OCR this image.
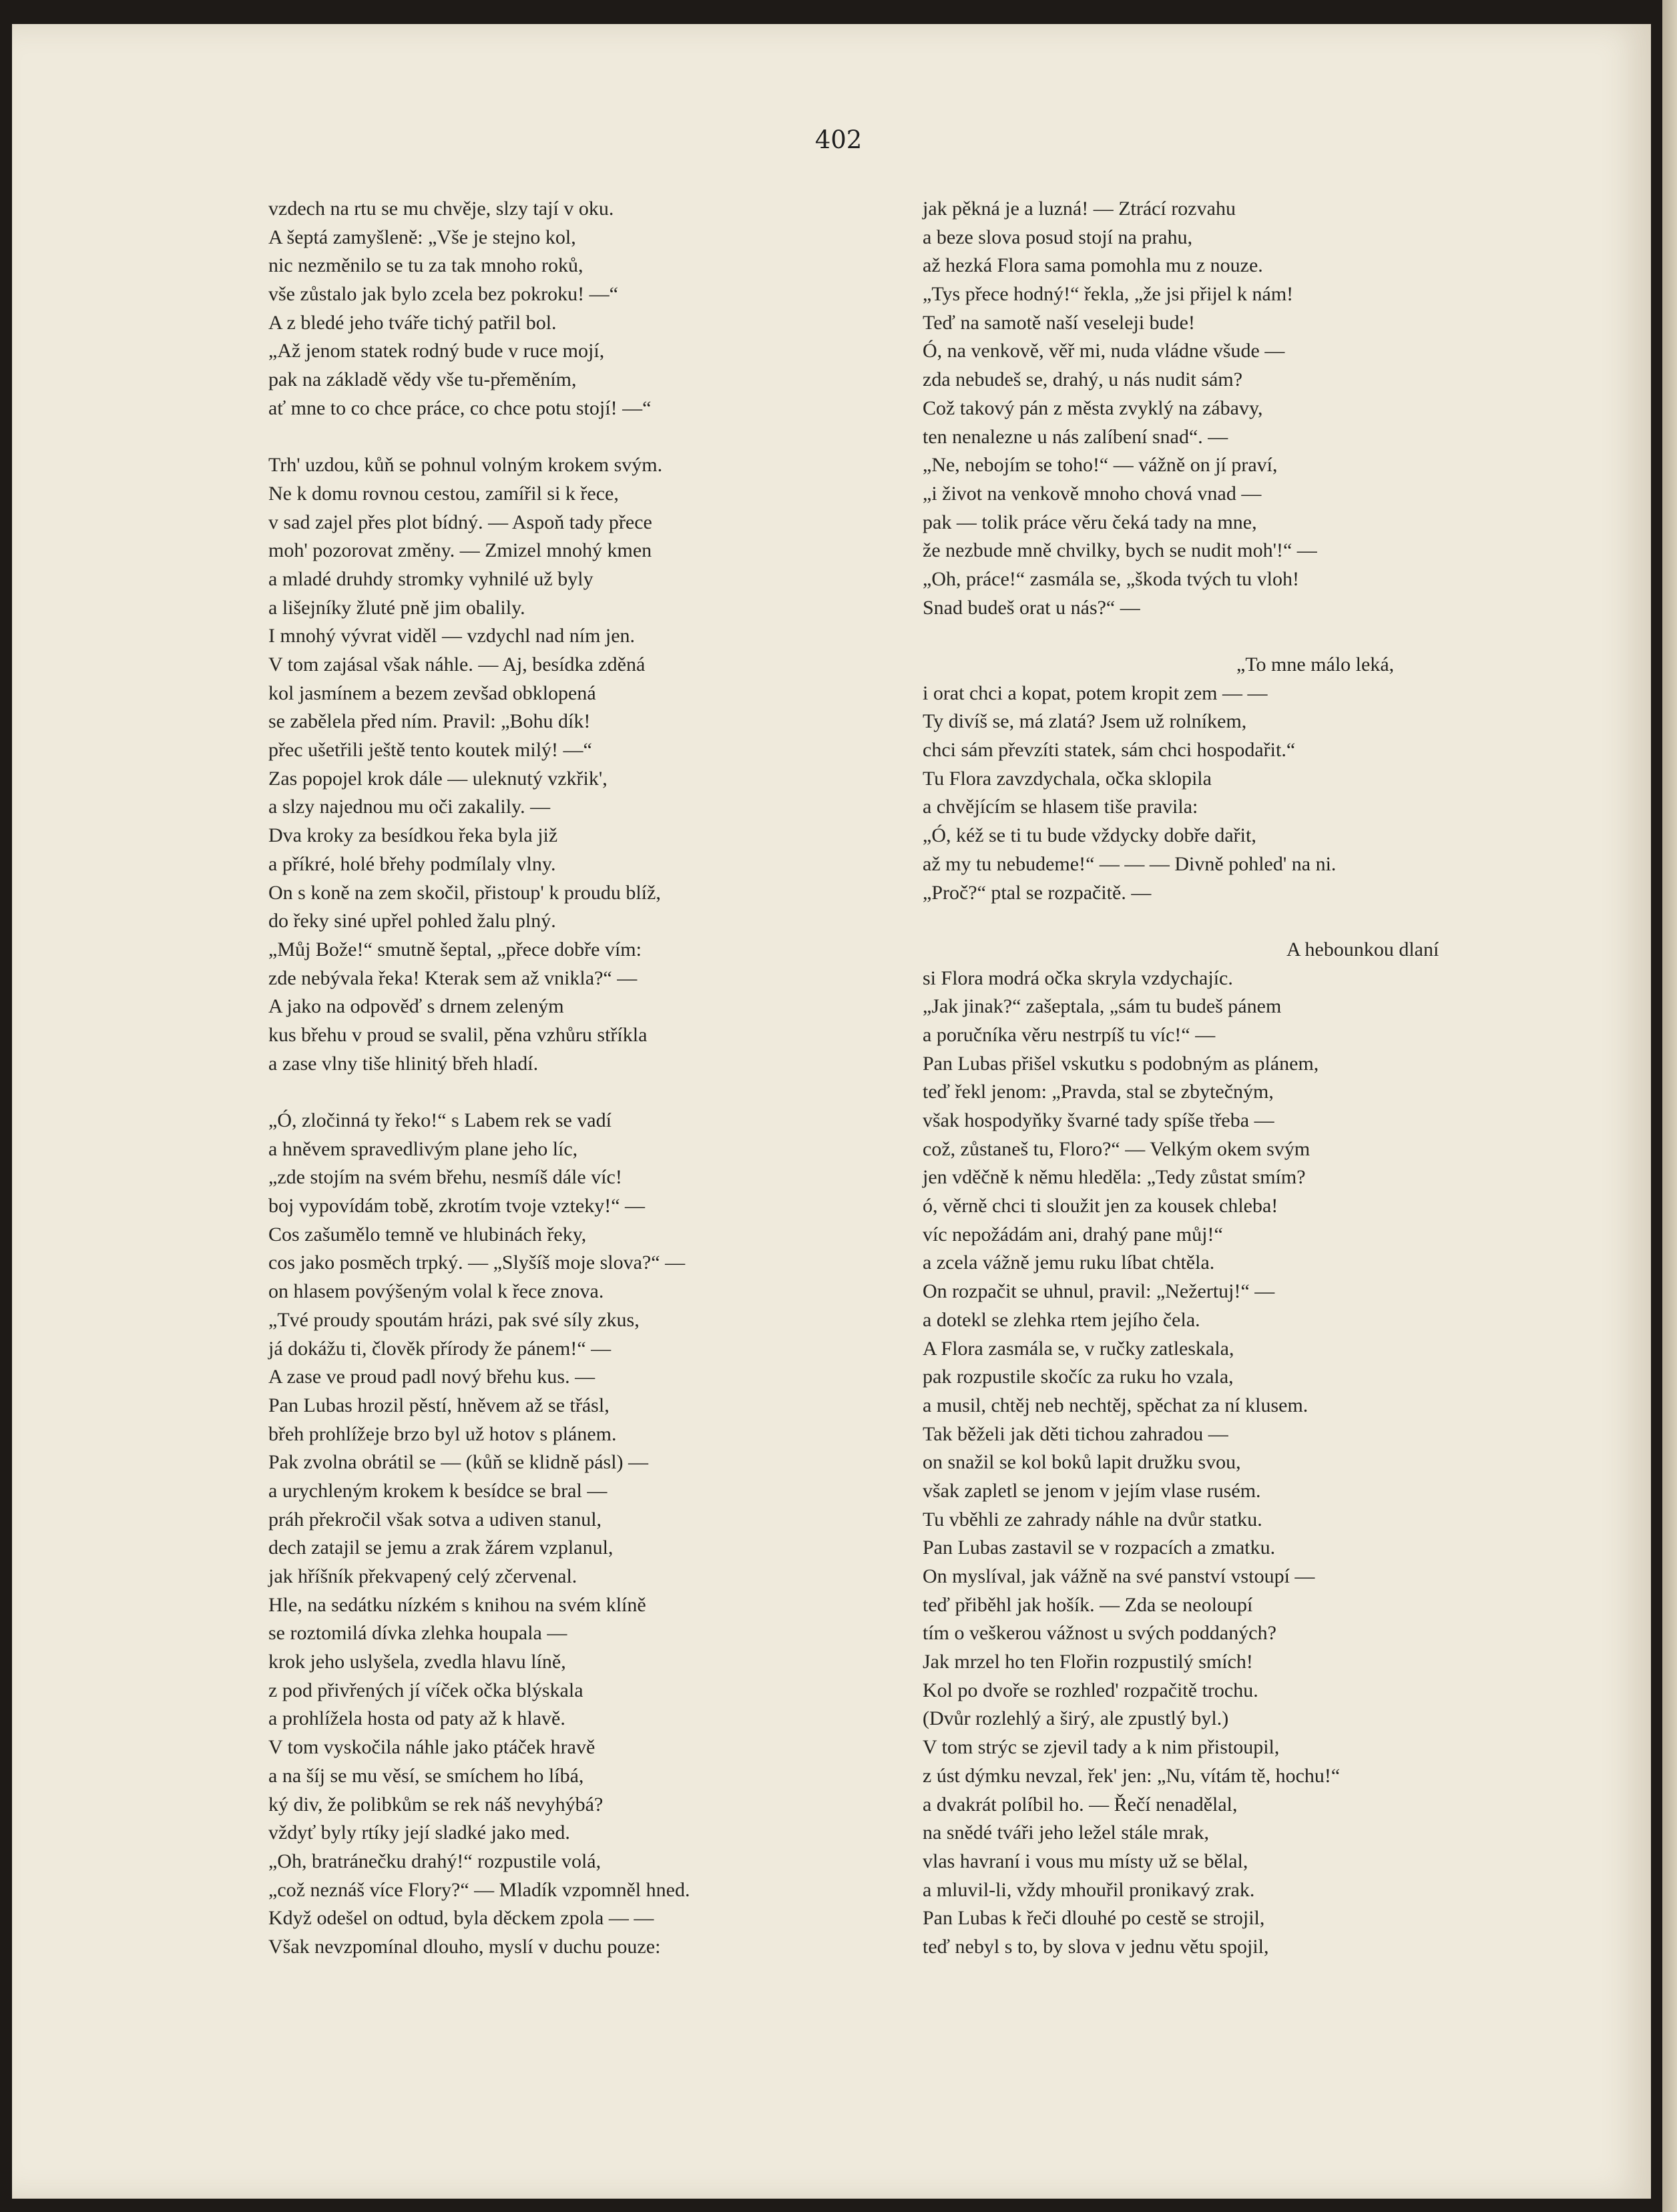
402
vzdech na rtu se mu chvěje, slzy tají v oku.
A šeptá zamyšleně: „Vše je stejno kol,
nic nezměnilo se tu za tak mnoho roků,
vše zůstalo jak bylo zcela bez pokroku! —“
A z bledé jeho tváře tichý patřil bol.
„Až jenom statek rodný bude v ruce mojí,
pak na základě vědy vše tu-přeměním,
ať mne to co chce práce, co chce potu stojí! —“
Trh' uzdou, kůň se pohnul volným krokem svým.
Ne k domu rovnou cestou, zamířil si k řece,
v sad zajel přes plot bídný. — Aspoň tady přece
moh' pozorovat změny. — Zmizel mnohý kmen
a mladé druhdy stromky vyhnilé už byly
a lišejníky žluté pně jim obalily.
I mnohý vývrat viděl — vzdychl nad ním jen.
V tom zajásal však náhle. — Aj, besídka zděná
kol jasmínem a bezem zevšad obklopená
se zabělela před ním. Pravil: „Bohu dík!
přec ušetřili ještě tento koutek milý! —“
Zas popojel krok dále — uleknutý vzkřik',
a slzy najednou mu oči zakalily. —
Dva kroky za besídkou řeka byla již
a příkré, holé břehy podmílaly vlny.
On s koně na zem skočil, přistoup' k proudu blíž,
do řeky siné upřel pohled žalu plný.
„Můj Bože!“ smutně šeptal, „přece dobře vím:
zde nebývala řeka! Kterak sem až vnikla?“ —
A jako na odpověď s drnem zeleným
kus břehu v proud se svalil, pěna vzhůru stříkla
a zase vlny tiše hlinitý břeh hladí.
„Ó, zločinná ty řeko!“ s Labem rek se vadí
a hněvem spravedlivým plane jeho líc,
„zde stojím na svém břehu, nesmíš dále víc!
boj vypovídám tobě, zkrotím tvoje vzteky!“ —
Cos zašumělo temně ve hlubinách řeky,
cos jako posměch trpký. — „Slyšíš moje slova?“ —
on hlasem povýšeným volal k řece znova.
„Tvé proudy spoutám hrázi, pak své síly zkus,
já dokážu ti, člověk přírody že pánem!“ —
A zase ve proud padl nový břehu kus. —
Pan Lubas hrozil pěstí, hněvem až se třásl,
břeh prohlížeje brzo byl už hotov s plánem.
Pak zvolna obrátil se — (kůň se klidně pásl) —
a urychleným krokem k besídce se bral —
práh překročil však sotva a udiven stanul,
dech zatajil se jemu a zrak žárem vzplanul,
jak hříšník překvapený celý zčervenal.
Hle, na sedátku nízkém s knihou na svém klíně
se roztomilá dívka zlehka houpala —
krok jeho uslyšela, zvedla hlavu líně,
z pod přivřených jí víček očka blýskala
a prohlížela hosta od paty až k hlavě.
V tom vyskočila náhle jako ptáček hravě
a na šíj se mu věsí, se smíchem ho líbá,
ký div, že polibkům se rek náš nevyhýbá?
vždyť byly rtíky její sladké jako med.
„Oh, bratránečku drahý!“ rozpustile volá,
„což neznáš více Flory?“ — Mladík vzpomněl hned.
Když odešel on odtud, byla děckem zpola — —
Však nevzpomínal dlouho, myslí v duchu pouze:
jak pěkná je a luzná! — Ztrácí rozvahu
a beze slova posud stojí na prahu,
až hezká Flora sama pomohla mu z nouze.
„Tys přece hodný!“ řekla, „že jsi přijel k nám!
Teď na samotě naší veseleji bude!
Ó, na venkově, věř mi, nuda vládne všude —
zda nebudeš se, drahý, u nás nudit sám?
Což takový pán z města zvyklý na zábavy,
ten nenalezne u nás zalíbení snad“. —
„Ne, nebojím se toho!“ — vážně on jí praví,
„i život na venkově mnoho chová vnad —
pak — tolik práce věru čeká tady na mne,
že nezbude mně chvilky, bych se nudit moh'!“ —
„Oh, práce!“ zasmála se, „škoda tvých tu vloh!
Snad budeš orat u nás?“ —
„To mne málo leká,
i orat chci a kopat, potem kropit zem — —
Ty divíš se, má zlatá? Jsem už rolníkem,
chci sám převzíti statek, sám chci hospodařit.“
Tu Flora zavzdychala, očka sklopila
a chvějícím se hlasem tiše pravila:
„Ó, kéž se ti tu bude vždycky dobře dařit,
až my tu nebudeme!“ — — — Divně pohled' na ni.
„Proč?“ ptal se rozpačitě. —
A hebounkou dlaní
si Flora modrá očka skryla vzdychajíc.
„Jak jinak?“ zašeptala, „sám tu budeš pánem
a poručníka věru nestrpíš tu víc!“ —
Pan Lubas přišel vskutku s podobným as plánem,
teď řekl jenom: „Pravda, stal se zbytečným,
však hospodyňky švarné tady spíše třeba —
což, zůstaneš tu, Floro?“ — Velkým okem svým
jen vděčně k němu hleděla: „Tedy zůstat smím?
ó, věrně chci ti sloužit jen za kousek chleba!
víc nepožádám ani, drahý pane můj!“
a zcela vážně jemu ruku líbat chtěla.
On rozpačit se uhnul, pravil: „Nežertuj!“ —
a dotekl se zlehka rtem jejího čela.
A Flora zasmála se, v ručky zatleskala,
pak rozpustile skočíc za ruku ho vzala,
a musil, chtěj neb nechtěj, spěchat za ní klusem.
Tak běželi jak děti tichou zahradou —
on snažil se kol boků lapit družku svou,
však zapletl se jenom v jejím vlase rusém.
Tu vběhli ze zahrady náhle na dvůr statku.
Pan Lubas zastavil se v rozpacích a zmatku.
On myslíval, jak vážně na své panství vstoupí —
teď přiběhl jak hošík. — Zda se neoloupí
tím o veškerou vážnost u svých poddaných?
Jak mrzel ho ten Flořin rozpustilý smích!
Kol po dvoře se rozhled' rozpačitě trochu.
(Dvůr rozlehlý a širý, ale zpustlý byl.)
V tom strýc se zjevil tady a k nim přistoupil,
z úst dýmku nevzal, řek' jen: „Nu, vítám tě, hochu!“
a dvakrát políbil ho. — Řečí nenadělal,
na snědé tváři jeho ležel stále mrak,
vlas havraní i vous mu místy už se bělal,
a mluvil-li, vždy mhouřil pronikavý zrak.
Pan Lubas k řeči dlouhé po cestě se strojil,
teď nebyl s to, by slova v jednu větu spojil,
